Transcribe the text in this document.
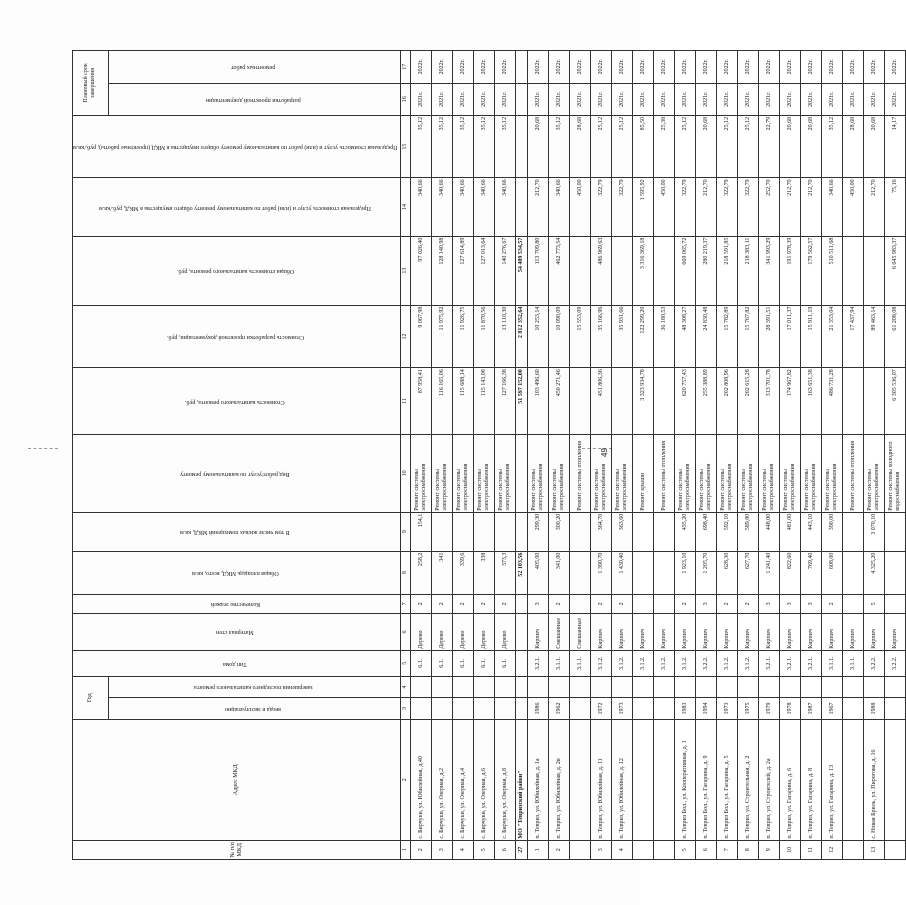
49
№ п/п МКД	Адрес МКД	Год		Тип дома	Материал стен	Количество этажей	Общая площадь МКД, всего, кв.м	В том числе жилых помещений МКД, кв.м	Вид работ/услуг по капитальному ремонту	Стоимость капитального ремонта, руб.	Стоимость разработки проектной документации, руб.	Общая стоимость капитального ремонта, руб.	Предельная стоимость услуг и (или) работ по капитальному ремонту общего имущества в МКД, руб./кв.м	Предельная стоимость услуг и (или) работ по капитальному ремонту общего имущества в МКД (проектные работы), руб./кв.м	Плановый срок завершения	
		ввода в эксплуатацию	завершения последнего капитального ремонта												разработки проектной документации	ремонтных работ
1	2	3	4	5	6	7	8	9	10	11	12	13	14	15	16	17
2	с. Бирчуки, ул. Юбилейная, д.40			6.1.	Дерево	2	258,2	154,1	Ремонт системы электроснабжения	87 958,41	9 067,98	97 026,40	340,66	35,12	2021г.	2022г.
3	с. Бирчуки, ул. Озерная, д.2			6.1.	Дерево	2	341		Ремонт системы электроснабжения	116 165,06	11 975,92	128 140,98	340,66	35,12	2021г.	2022г.
4	с. Бирчуки, ул. Озерная, д.4			6.1.	Дерево	2	339,6		Ремонт системы электроснабжения	115 688,14	11 926,75	127 614,89	340,66	35,12	2021г.	2022г.
5	с. Бирчуки, ул. Озерная, д.6			6.1.	Дерево	2	338		Ремонт системы электроснабжения	115 143,08	11 870,56	127 013,64	340,66	35,12	2021г.	2022г.
6	с. Бирчуки, ул. Озерная, д.8			6.1.	Дерево	2	373,3		Ремонт системы электроснабжения	127 166,38	13 110,30	140 276,67	340,66	35,12	2021г.	2022г.
27	МО "Тевризский район"						52 103,56			51 597 152,00	2 812 352,64	54 409 534,57				
1	п. Тевриз, ул. Юбилейная, д. 1а	1986		3.2.1.	Кирпич	3	405,00	299,30	Ремонт системы электроснабжения	103 496,60	10 253,14	113 709,80	212,70	20,68	2021г.	2022г.
2	п. Тевриз, ул. Юбилейная, д. 2в	1962		3.1.1.	Смешанные	2	341,00	300,20	Ремонт системы электроснабжения	450 271,46	10 090,09	462 773,54	340,66	35,12	2021г.	2022г.
				3.1.1.	Смешанные				Ремонт системы отопления		15 553,09		450,00	28,68	2021г.	2022г.
3	п. Тевриз, ул. Юбилейная, д. 11	1972		3.1.2.	Кирпич	2	1 390,70	364,70	Ремонт системы электроснабжения	451 806,36	35 166,96	486 969,63	322,79	25,12	2021г.	2022г.
4	п. Тевриз, ул. Юбилейная, д. 12	1973		3.1.2.	Кирпич	2	1 430,40	363,60	Ремонт системы электроснабжения		35 931,66		322,79	25,12	2021г.	2022г.
				3.1.2.	Кирпич				Ремонт крыши	3 323 934,78	122 299,20	3 316 369,18	1 595,92	85,50	2021г.	2022г.
				3.1.2.	Кирпич				Ремонт системы отопления		36 180,53		450,00	25,38	2021г.	2022г.
5	п. Тевриз Бол., ул. Кооперативная, д. 1	1983		3.1.2.	Кирпич	2	1 923,10	435,20	Ремонт системы электроснабжения	620 757,43	48 308,27	669 065,72	322,79	25,12	2021г.	2022г.
6	п. Тевриз Бол., ул. Гагарина, д. 9	1994		3.2.2.	Кирпич	3	1 205,70	698,40	Ремонт системы электроснабжения	255 388,89	24 830,48	280 219,37	212,70	20,68	2021г.	2022г.
7	п. Тевриз Бол., ул. Гагарина, д. 5	1973		3.1.2.	Кирпич	2	628,30	592,10	Ремонт системы электроснабжения	202 808,96	15 782,89	218 591,85	322,79	25,12	2021г.	2022г.
8	п. Тевриз, ул. Строительная, д. 2	1975		3.1.2.	Кирпич	2	627,70	589,80	Ремонт системы электроснабжения	202 615,28	15 767,82	218 383,11	322,79	25,12	2021г.	2022г.
9	п. Тевриз, ул. Строителей, д. 2а	1979		3.2.1.	Кирпич	3	1 241,40	448,00	Ремонт системы электроснабжения	313 701,78	28 391,51	341 993,29	252,70	22,79	2021г.	2022г.
10	п. Тевриз, ул. Гагарина, д. 6	1978		3.2.1.	Кирпич	3	822,60	481,00	Ремонт системы электроснабжения	174 967,82	17 011,37	191 978,39	212,70	20,68	2021г.	2022г.
11	п. Тевриз, ул. Гагарина, д. 8	1987		3.2.1.	Кирпич	3	769,40	443,10	Ремонт системы электроснабжения	163 651,38	15 911,19	179 562,57	212,70	20,68	2021г.	2022г.
12	п. Тевриз, ул. Гагарина, д. 13	1967		3.1.1.	Кирпич	2	608,00	390,00	Ремонт системы электроснабжения	486 731,28	21 353,04	510 511,68	340,66	35,12	2021г.	2022г.
				3.1.1.	Кирпич				Ремонт системы отопления		17 437,94		450,00	28,68	2021г.	2022г.
13	с. Новая Бриль, ул. Пирогова, д. 16	1988		3.2.2.	Кирпич	5	4 325,20	3 070,10	Ремонт системы электроснабжения		89 463,14		212,70	20,68	2021г.	2022г.
				3.2.2.	Кирпич				Ремонт системы холодного водоснабжения	6 305 536,07	61 208,08	6 645 983,37	75,16	14,17	2021г.	2022г.
